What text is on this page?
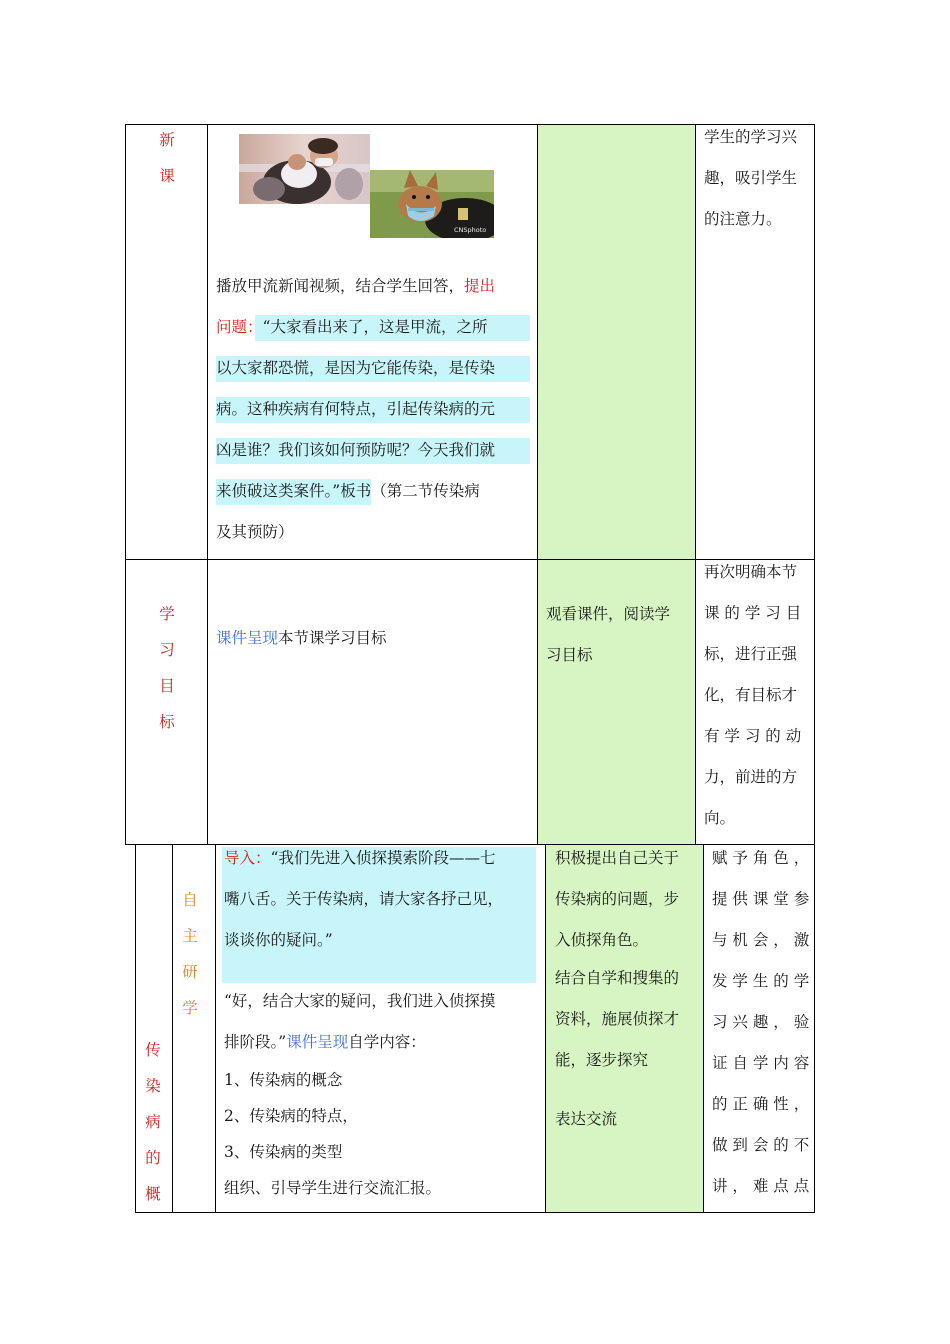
新
课
CNSphoto
播放甲流新闻视频，结合学生回答，提出
问题：“大家看出来了，这是甲流，之所
以大家都恐慌，是因为它能传染，是传染
病。这种疾病有何特点，引起传染病的元
凶是谁？我们该如何预防呢？今天我们就
来侦破这类案件。”板书（第二节传染病
及其预防）
学生的学习兴
趣，吸引学生
的注意力。
学
习
目
标
课件呈现本节课学习目标
观看课件，阅读学
习目标
再次明确本节
课 的 学 习 目
标，进行正强
化，有目标才
有 学 习 的 动
力，前进的方
向。
传
染
病
的
概
自
主
研
学
导入：“我们先进入侦探摸索阶段——七
嘴八舌。关于传染病，请大家各抒己见，
谈谈你的疑问。”
“好，结合大家的疑问，我们进入侦探摸
排阶段。”课件呈现自学内容：
1、传染病的概念
2、传染病的特点，
3、传染病的类型
组织、引导学生进行交流汇报。
积极提出自己关于
传染病的问题，步
入侦探角色。
结合自学和搜集的
资料，施展侦探才
能，逐步探究
表达交流
赋 予 角 色 ，
提 供 课 堂 参
与 机 会 ， 激
发 学 生 的 学
习 兴 趣 ， 验
证 自 学 内 容
的 正 确 性 ，
做 到 会 的 不
讲 ， 难 点 点
